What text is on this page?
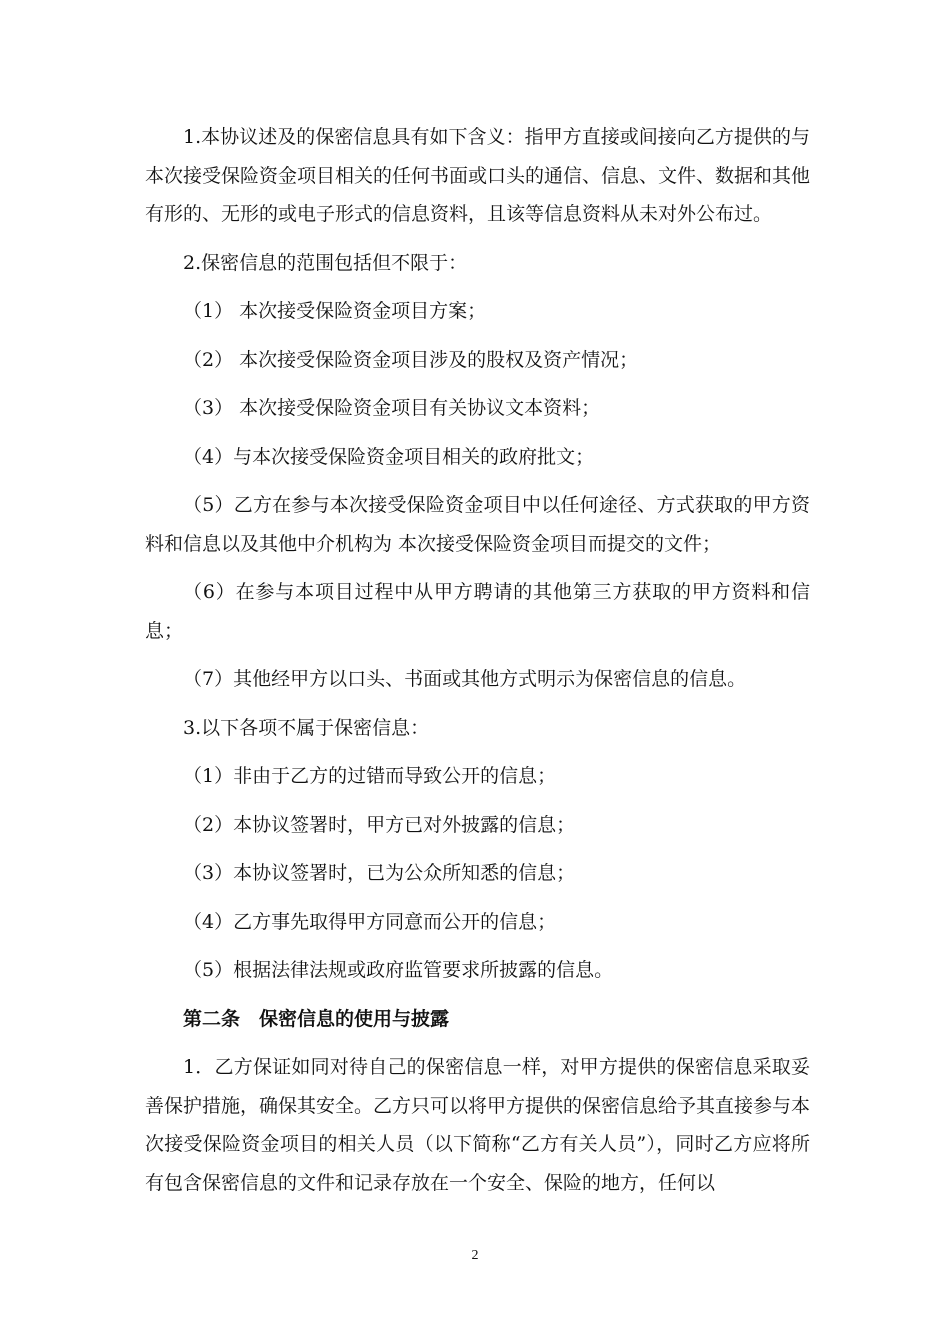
1.本协议述及的保密信息具有如下含义：指甲方直接或间接向乙方提供的与 本次接受保险资金项目相关的任何书面或口头的通信、信息、文件、数据和其他有形的、无形的或电子形式的信息资料，且该等信息资料从未对外公布过。

2.保密信息的范围包括但不限于：

（1） 本次接受保险资金项目方案；

（2） 本次接受保险资金项目涉及的股权及资产情况；

（3） 本次接受保险资金项目有关协议文本资料；

（4）与本次接受保险资金项目相关的政府批文；

（5）乙方在参与本次接受保险资金项目中以任何途径、方式获取的甲方资料和信息以及其他中介机构为 本次接受保险资金项目而提交的文件；

（6）在参与本项目过程中从甲方聘请的其他第三方获取的甲方资料和信息；

（7）其他经甲方以口头、书面或其他方式明示为保密信息的信息。

3.以下各项不属于保密信息：

（1）非由于乙方的过错而导致公开的信息；

（2）本协议签署时，甲方已对外披露的信息；

（3）本协议签署时，已为公众所知悉的信息；

（4）乙方事先取得甲方同意而公开的信息；

（5）根据法律法规或政府监管要求所披露的信息。

第二条　保密信息的使用与披露

1．乙方保证如同对待自己的保密信息一样，对甲方提供的保密信息采取妥善保护措施，确保其安全。乙方只可以将甲方提供的保密信息给予其直接参与本次接受保险资金项目的相关人员（以下简称“乙方有关人员”），同时乙方应将所有包含保密信息的文件和记录存放在一个安全、保险的地方，任何以

2
